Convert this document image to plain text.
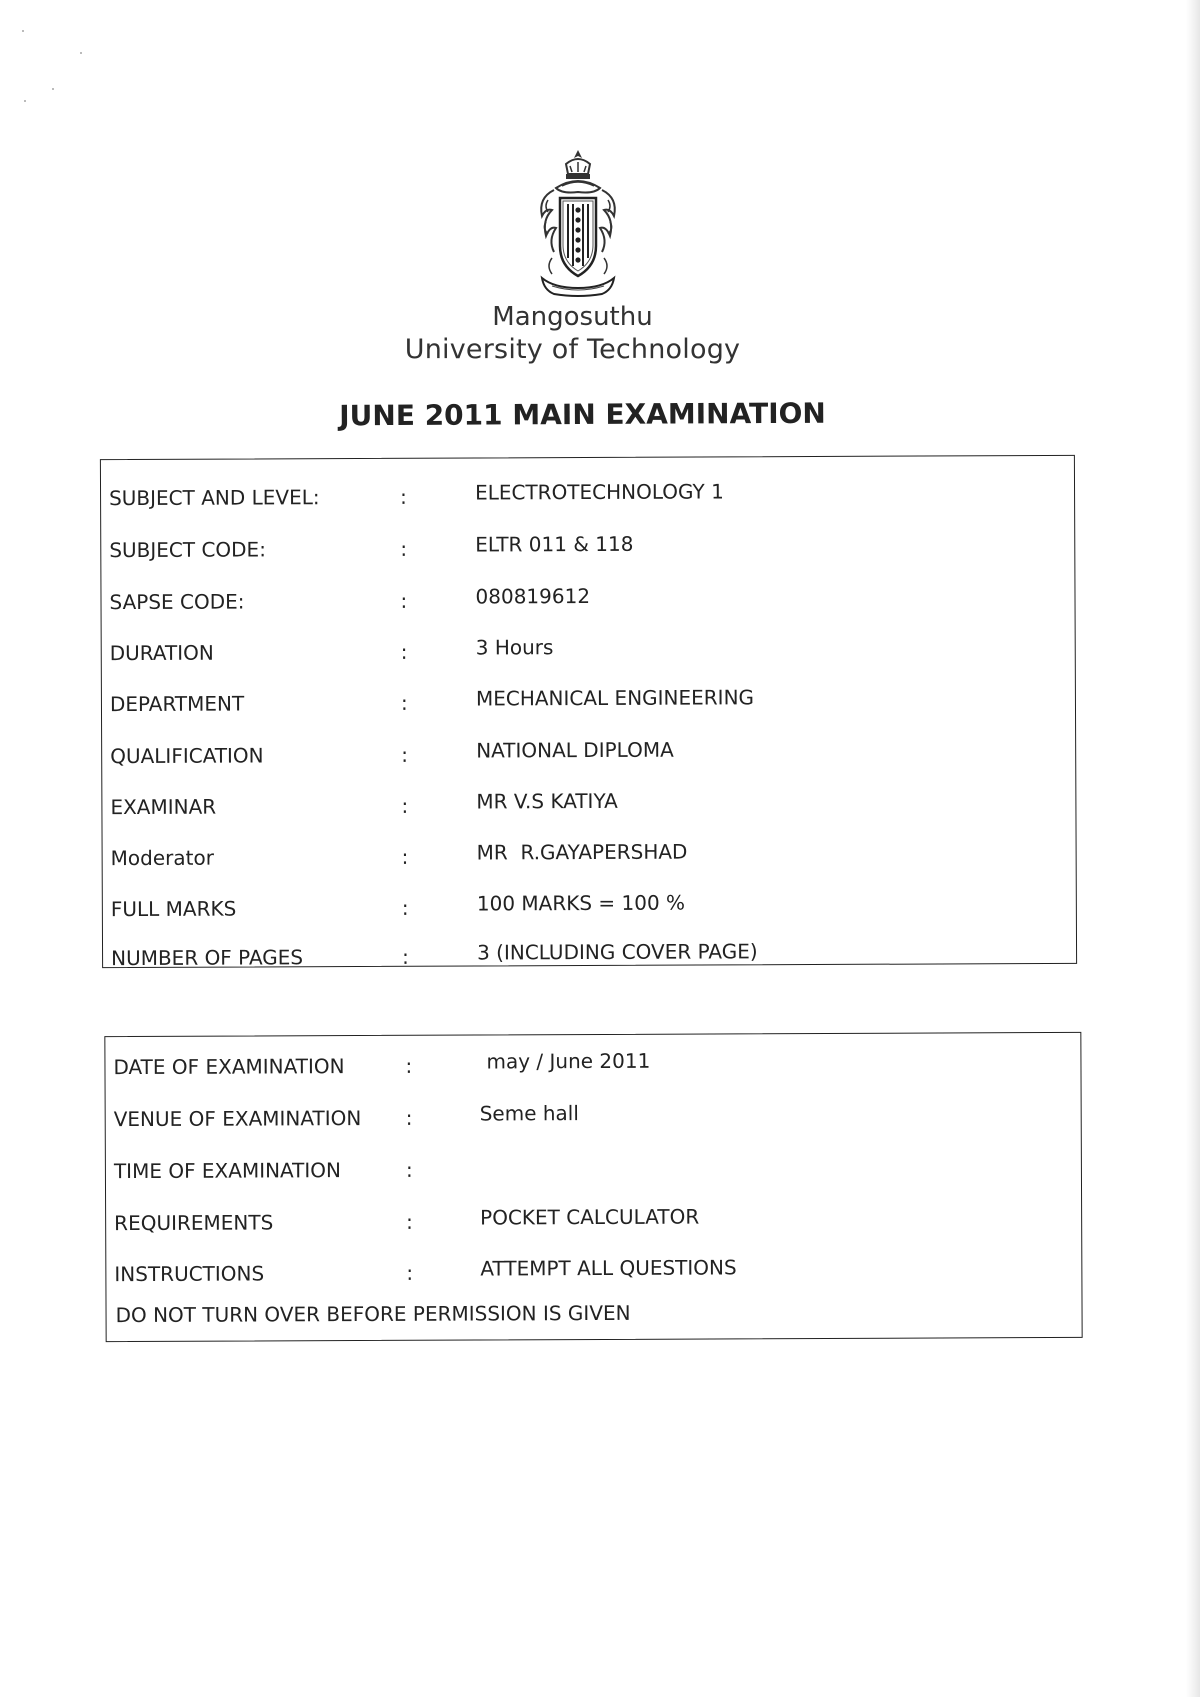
Mangosuthu
University of Technology
JUNE 2011 MAIN EXAMINATION
SUBJECT AND LEVEL:	:	ELECTROTECHNOLOGY 1
SUBJECT CODE:	:	ELTR 011 & 118
SAPSE CODE:	:	080819612
DURATION	:	3 Hours
DEPARTMENT	:	MECHANICAL ENGINEERING
QUALIFICATION	:	NATIONAL DIPLOMA
EXAMINAR	:	MR V.S KATIYA
Moderator	:	MR  R.GAYAPERSHAD
FULL MARKS	:	100 MARKS = 100 %
NUMBER OF PAGES	:	3 (INCLUDING COVER PAGE)
DATE OF EXAMINATION	:	may / June 2011
VENUE OF EXAMINATION :	Seme hall
TIME OF EXAMINATION	:
REQUIREMENTS	:	POCKET CALCULATOR
INSTRUCTIONS	:	ATTEMPT ALL QUESTIONS
DO NOT TURN OVER BEFORE PERMISSION IS GIVEN
